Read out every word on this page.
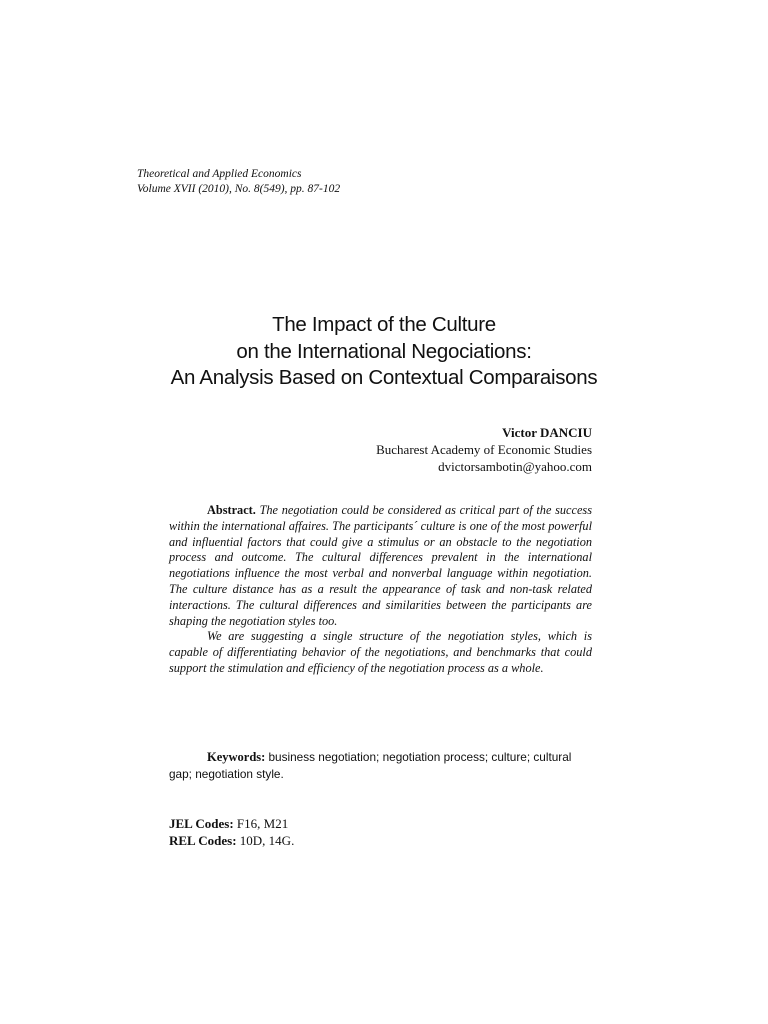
Theoretical and Applied Economics
Volume XVII (2010), No. 8(549), pp. 87-102
The Impact of the Culture
on the International Negociations:
An Analysis Based on Contextual Comparaisons
Victor DANCIU
Bucharest Academy of Economic Studies
dvictorsambotin@yahoo.com

Abstract. The negotiation could be considered as critical part of the success within the international affaires. The participants´ culture is one of the most powerful and influential factors that could give a stimulus or an obstacle to the negotiation process and outcome. The cultural differences prevalent in the international negotiations influence the most verbal and nonverbal language within negotiation. The culture distance has as a result the appearance of task and non-task related interactions. The cultural differences and similarities between the participants are shaping the negotiation styles too.

We are suggesting a single structure of the negotiation styles, which is capable of differentiating behavior of the negotiations, and benchmarks that could support the stimulation and efficiency of the negotiation process as a whole.

Keywords: business negotiation; negotiation process; culture; cultural gap; negotiation style.
JEL Codes: F16, M21
REL Codes: 10D, 14G.
